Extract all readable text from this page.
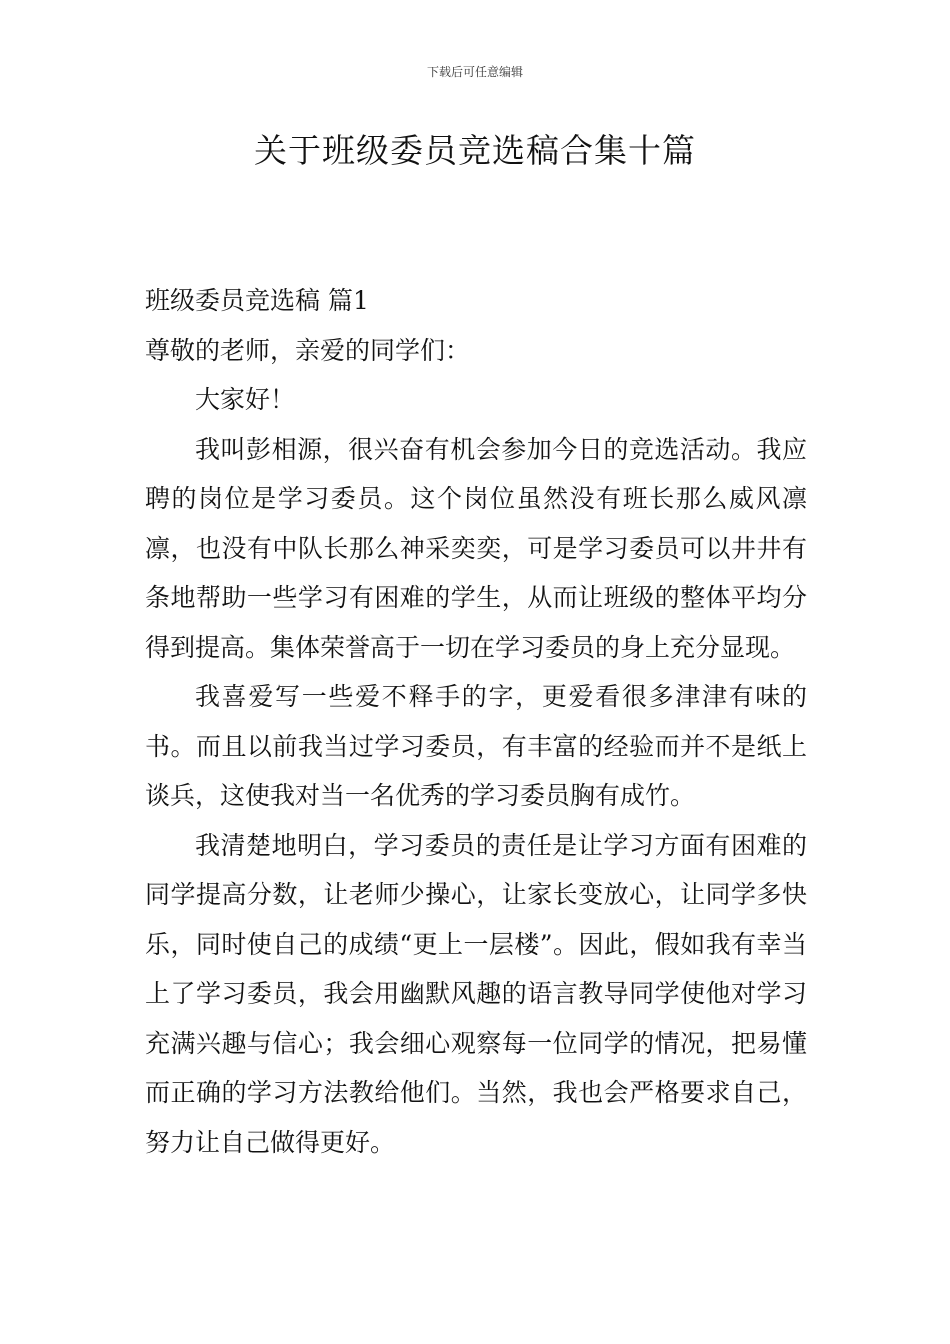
下载后可任意编辑
关于班级委员竞选稿合集十篇

班级委员竞选稿 篇1

尊敬的老师，亲爱的同学们：

大家好！

我叫彭相源，很兴奋有机会参加今日的竞选活动。我应聘的岗位是学习委员。这个岗位虽然没有班长那么威风凛凛，也没有中队长那么神采奕奕，可是学习委员可以井井有条地帮助一些学习有困难的学生，从而让班级的整体平均分得到提高。集体荣誉高于一切在学习委员的身上充分显现。

我喜爱写一些爱不释手的字，更爱看很多津津有味的书。而且以前我当过学习委员，有丰富的经验而并不是纸上谈兵，这使我对当一名优秀的学习委员胸有成竹。

我清楚地明白，学习委员的责任是让学习方面有困难的同学提高分数，让老师少操心，让家长变放心，让同学多快乐，同时使自己的成绩“更上一层楼”。因此，假如我有幸当上了学习委员，我会用幽默风趣的语言教导同学使他对学习充满兴趣与信心；我会细心观察每一位同学的情况，把易懂而正确的学习方法教给他们。当然，我也会严格要求自己，努力让自己做得更好。
